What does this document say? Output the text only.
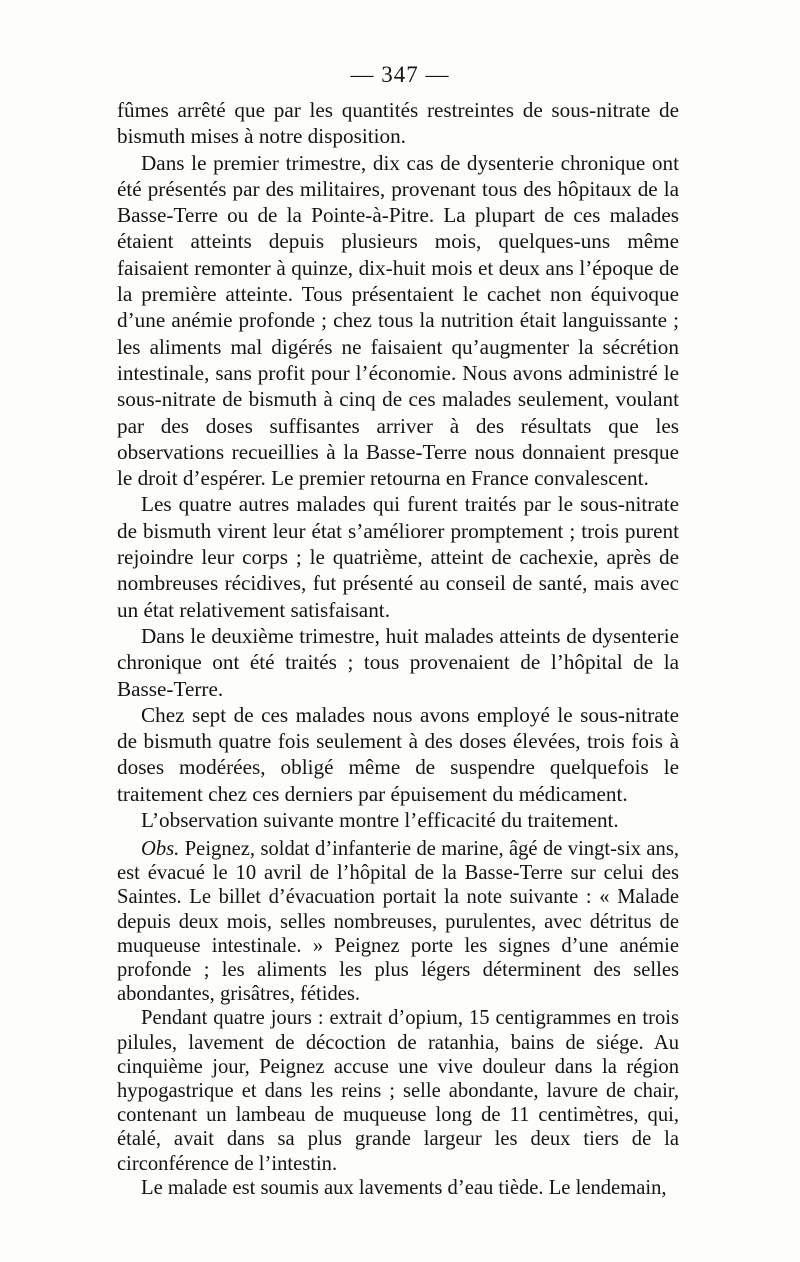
— 347 —

fûmes arrêté que par les quantités restreintes de sous-nitrate de bismuth mises à notre disposition.

Dans le premier trimestre, dix cas de dysenterie chronique ont été présentés par des militaires, provenant tous des hôpitaux de la Basse-Terre ou de la Pointe-à-Pitre. La plupart de ces malades étaient atteints depuis plusieurs mois, quelques-uns même faisaient remonter à quinze, dix-huit mois et deux ans l’époque de la première atteinte. Tous présentaient le cachet non équivoque d’une anémie profonde ; chez tous la nutrition était languissante ; les aliments mal digérés ne faisaient qu’augmenter la sécrétion intestinale, sans profit pour l’économie. Nous avons administré le sous-nitrate de bismuth à cinq de ces malades seulement, voulant par des doses suffisantes arriver à des résultats que les observations recueillies à la Basse-Terre nous donnaient presque le droit d’espérer. Le premier retourna en France convalescent.

Les quatre autres malades qui furent traités par le sous-nitrate de bismuth virent leur état s’améliorer promptement ; trois purent rejoindre leur corps ; le quatrième, atteint de cachexie, après de nombreuses récidives, fut présenté au conseil de santé, mais avec un état relativement satisfaisant.

Dans le deuxième trimestre, huit malades atteints de dysenterie chronique ont été traités ; tous provenaient de l’hôpital de la Basse-Terre.

Chez sept de ces malades nous avons employé le sous-nitrate de bismuth quatre fois seulement à des doses élevées, trois fois à doses modérées, obligé même de suspendre quelquefois le traitement chez ces derniers par épuisement du médicament.

L’observation suivante montre l’efficacité du traitement.

Obs. Peignez, soldat d’infanterie de marine, âgé de vingt-six ans, est évacué le 10 avril de l’hôpital de la Basse-Terre sur celui des Saintes. Le billet d’évacuation portait la note suivante : « Malade depuis deux mois, selles nombreuses, purulentes, avec détritus de muqueuse intestinale. » Peignez porte les signes d’une anémie profonde ; les aliments les plus légers déterminent des selles abondantes, grisâtres, fétides.

Pendant quatre jours : extrait d’opium, 15 centigrammes en trois pilules, lavement de décoction de ratanhia, bains de siége. Au cinquième jour, Peignez accuse une vive douleur dans la région hypogastrique et dans les reins ; selle abondante, lavure de chair, contenant un lambeau de muqueuse long de 11 centimètres, qui, étalé, avait dans sa plus grande largeur les deux tiers de la circonférence de l’intestin.

Le malade est soumis aux lavements d’eau tiède. Le lendemain,
